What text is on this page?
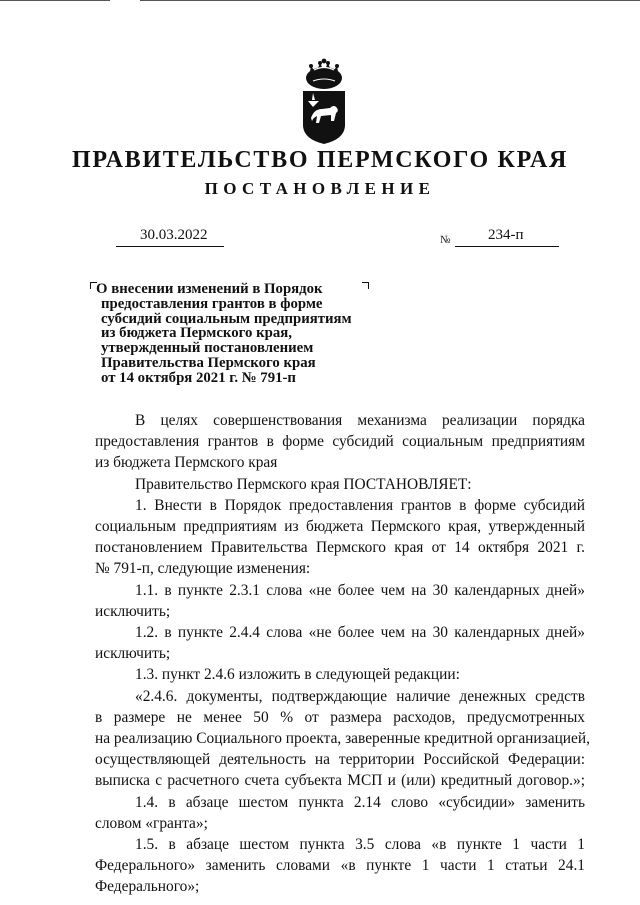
ПРАВИТЕЛЬСТВО ПЕРМСКОГО КРАЯ
ПОСТАНОВЛЕНИЕ
30.03.2022	№	234-п
О внесении изменений в Порядок
предоставления грантов в форме
субсидий социальным предприятиям
из бюджета Пермского края,
утвержденный постановлением
Правительства Пермского края
от 14 октября 2021 г. № 791-п
В целях совершенствования механизма реализации порядка
предоставления грантов в форме субсидий социальным предприятиям
из бюджета Пермского края
Правительство Пермского края ПОСТАНОВЛЯЕТ:
1. Внести в Порядок предоставления грантов в форме субсидий
социальным предприятиям из бюджета Пермского края, утвержденный
постановлением Правительства Пермского края от 14 октября 2021 г.
№ 791-п, следующие изменения:
1.1. в пункте 2.3.1 слова «не более чем на 30 календарных дней»
исключить;
1.2. в пункте 2.4.4 слова «не более чем на 30 календарных дней»
исключить;
1.3. пункт 2.4.6 изложить в следующей редакции:
«2.4.6. документы, подтверждающие наличие денежных средств
в размере не менее 50 % от размера расходов, предусмотренных
на реализацию Социального проекта, заверенные кредитной организацией,
осуществляющей деятельность на территории Российской Федерации:
выписка с расчетного счета субъекта МСП и (или) кредитный договор.»;
1.4. в абзаце шестом пункта 2.14 слово «субсидии» заменить
словом «гранта»;
1.5. в абзаце шестом пункта 3.5 слова «в пункте 1 части 1
Федерального» заменить словами «в пункте 1 части 1 статьи 24.1
Федерального»;
